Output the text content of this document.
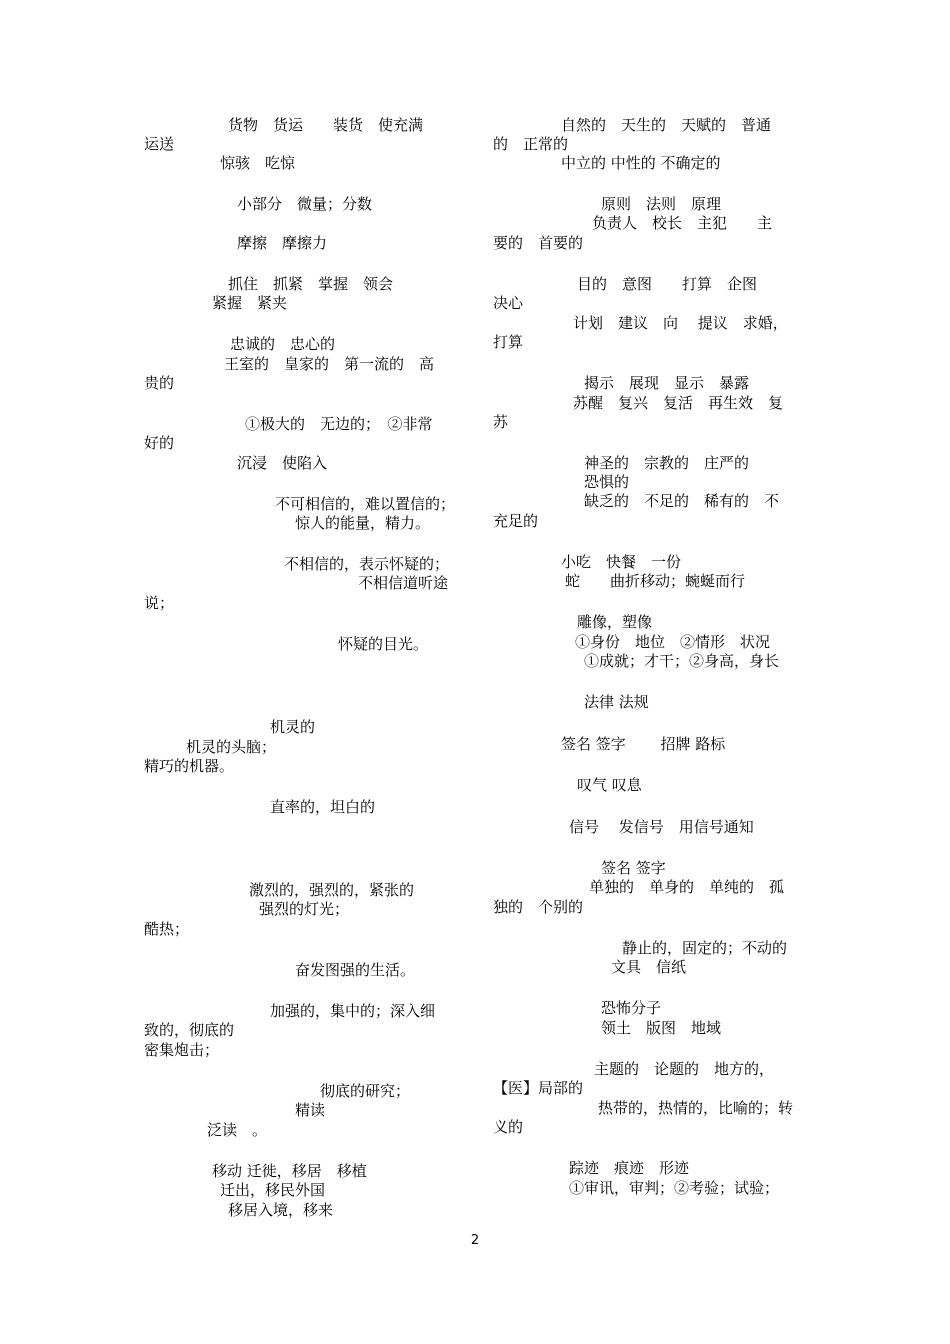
货物　货运　　装货　使充满
运送
惊骇　吃惊
小部分　微量；分数
摩擦　摩擦力
抓住　抓紧　掌握　领会
紧握　紧夹
忠诚的　忠心的
王室的　皇家的　第一流的　高
贵的
①极大的　无边的；　②非常
好的
沉浸　使陷入
不可相信的，难以置信的；
惊人的能量，精力。
不相信的，表示怀疑的；
不相信道听途
说；
怀疑的目光。
机灵的
机灵的头脑；
精巧的机器。
直率的，坦白的
激烈的，强烈的，紧张的
强烈的灯光；
酷热；
奋发图强的生活。
加强的，集中的；深入细
致的，彻底的
密集炮击；
彻底的研究；
精读
泛读　。
移动 迁徙，移居　移植
迁出，移民外国
移居入境，移来
自然的　天生的　天赋的　普通
的　正常的
中立的 中性的 不确定的
原则　法则　原理
负责人　校长　主犯　　主
要的　首要的
目的　意图　　打算　企图
决心
计划　建议　向　 提议　求婚，
打算
揭示　展现　显示　暴露
苏醒　复兴　复活　再生效　复
苏
神圣的　宗教的　庄严的
恐惧的
缺乏的　不足的　稀有的　不
充足的
小吃　快餐　一份
蛇　　曲折移动；蜿蜒而行
雕像，塑像
①身份　地位　②情形　状况
①成就；才干；②身高，身长
法律 法规
签名 签字　　 招牌 路标
叹气 叹息
信号　 发信号　用信号通知
签名 签字
单独的　单身的　单纯的　孤
独的　个别的
静止的，固定的；不动的
文具　信纸
恐怖分子
领土　版图　地域
主题的　论题的　地方的，
【医】局部的
热带的，热情的，比喻的；转
义的
踪迹　痕迹　形迹
①审讯，审判；②考验；试验；
2
